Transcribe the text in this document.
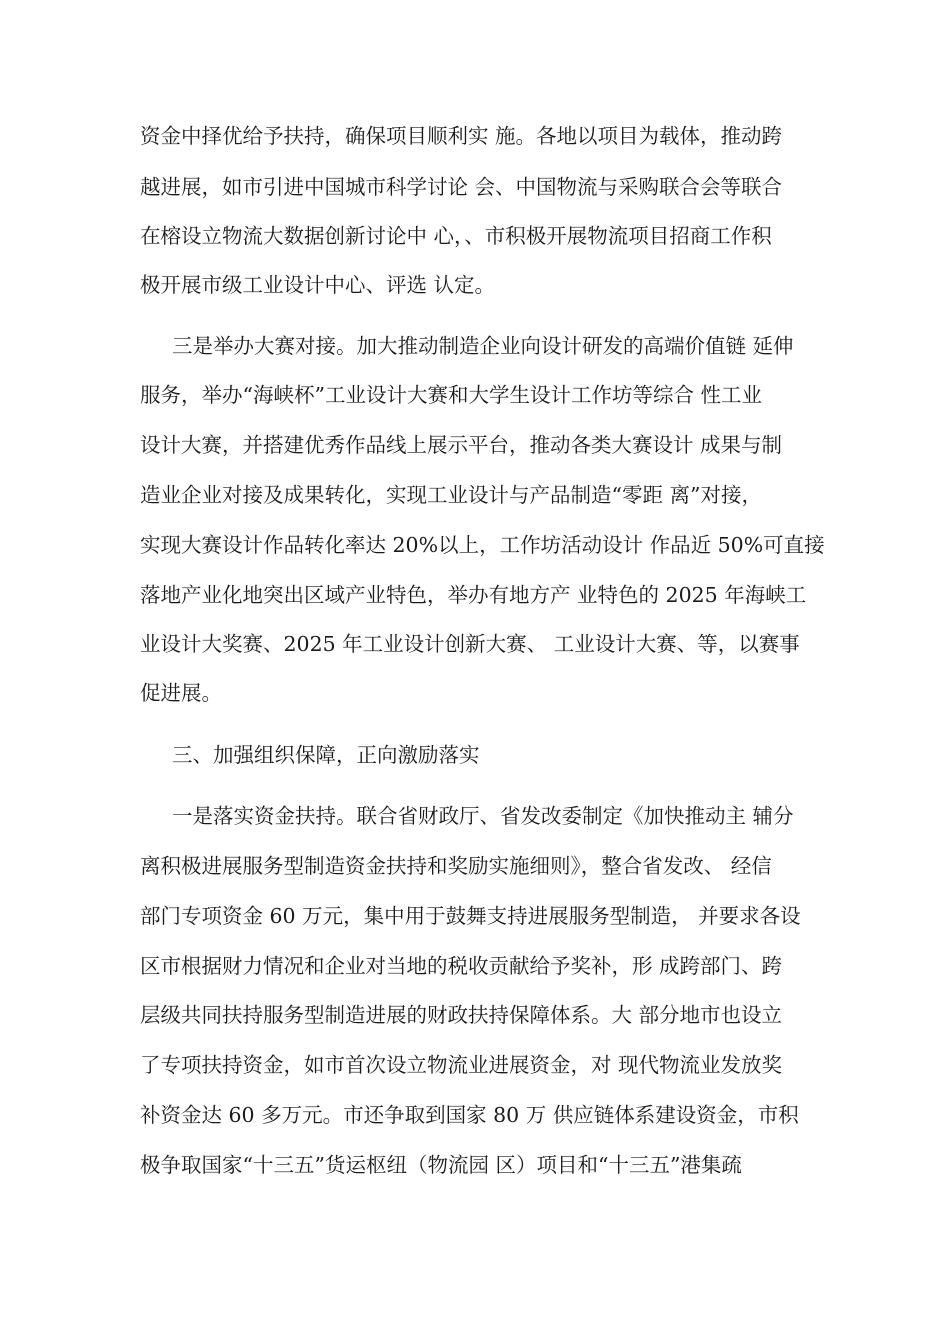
资金中择优给予扶持，确保项目顺利实 施。各地以项目为载体，推动跨

越进展，如市引进中国城市科学讨论 会、中国物流与采购联合会等联合

在榕设立物流大数据创新讨论中 心，、市积极开展物流项目招商工作积

极开展市级工业设计中心、评选 认定。

三是举办大赛对接。加大推动制造企业向设计研发的高端价值链 延伸

服务，举办“海峡杯”工业设计大赛和大学生设计工作坊等综合 性工业

设计大赛，并搭建优秀作品线上展示平台，推动各类大赛设计 成果与制

造业企业对接及成果转化，实现工业设计与产品制造“零距 离”对接，

实现大赛设计作品转化率达 20%以上，工作坊活动设计 作品近 50%可直接

落地产业化地突出区域产业特色，举办有地方产 业特色的 2025 年海峡工

业设计大奖赛、2025 年工业设计创新大赛、 工业设计大赛、等，以赛事

促进展。

三、加强组织保障，正向激励落实

一是落实资金扶持。联合省财政厅、省发改委制定《加快推动主 辅分

离积极进展服务型制造资金扶持和奖励实施细则》，整合省发改、 经信

部门专项资金 60 万元，集中用于鼓舞支持进展服务型制造， 并要求各设

区市根据财力情况和企业对当地的税收贡献给予奖补，形 成跨部门、跨

层级共同扶持服务型制造进展的财政扶持保障体系。大 部分地市也设立

了专项扶持资金，如市首次设立物流业进展资金，对 现代物流业发放奖

补资金达 60 多万元。市还争取到国家 80 万 供应链体系建设资金，市积

极争取国家“十三五”货运枢纽（物流园 区）项目和“十三五”港集疏
